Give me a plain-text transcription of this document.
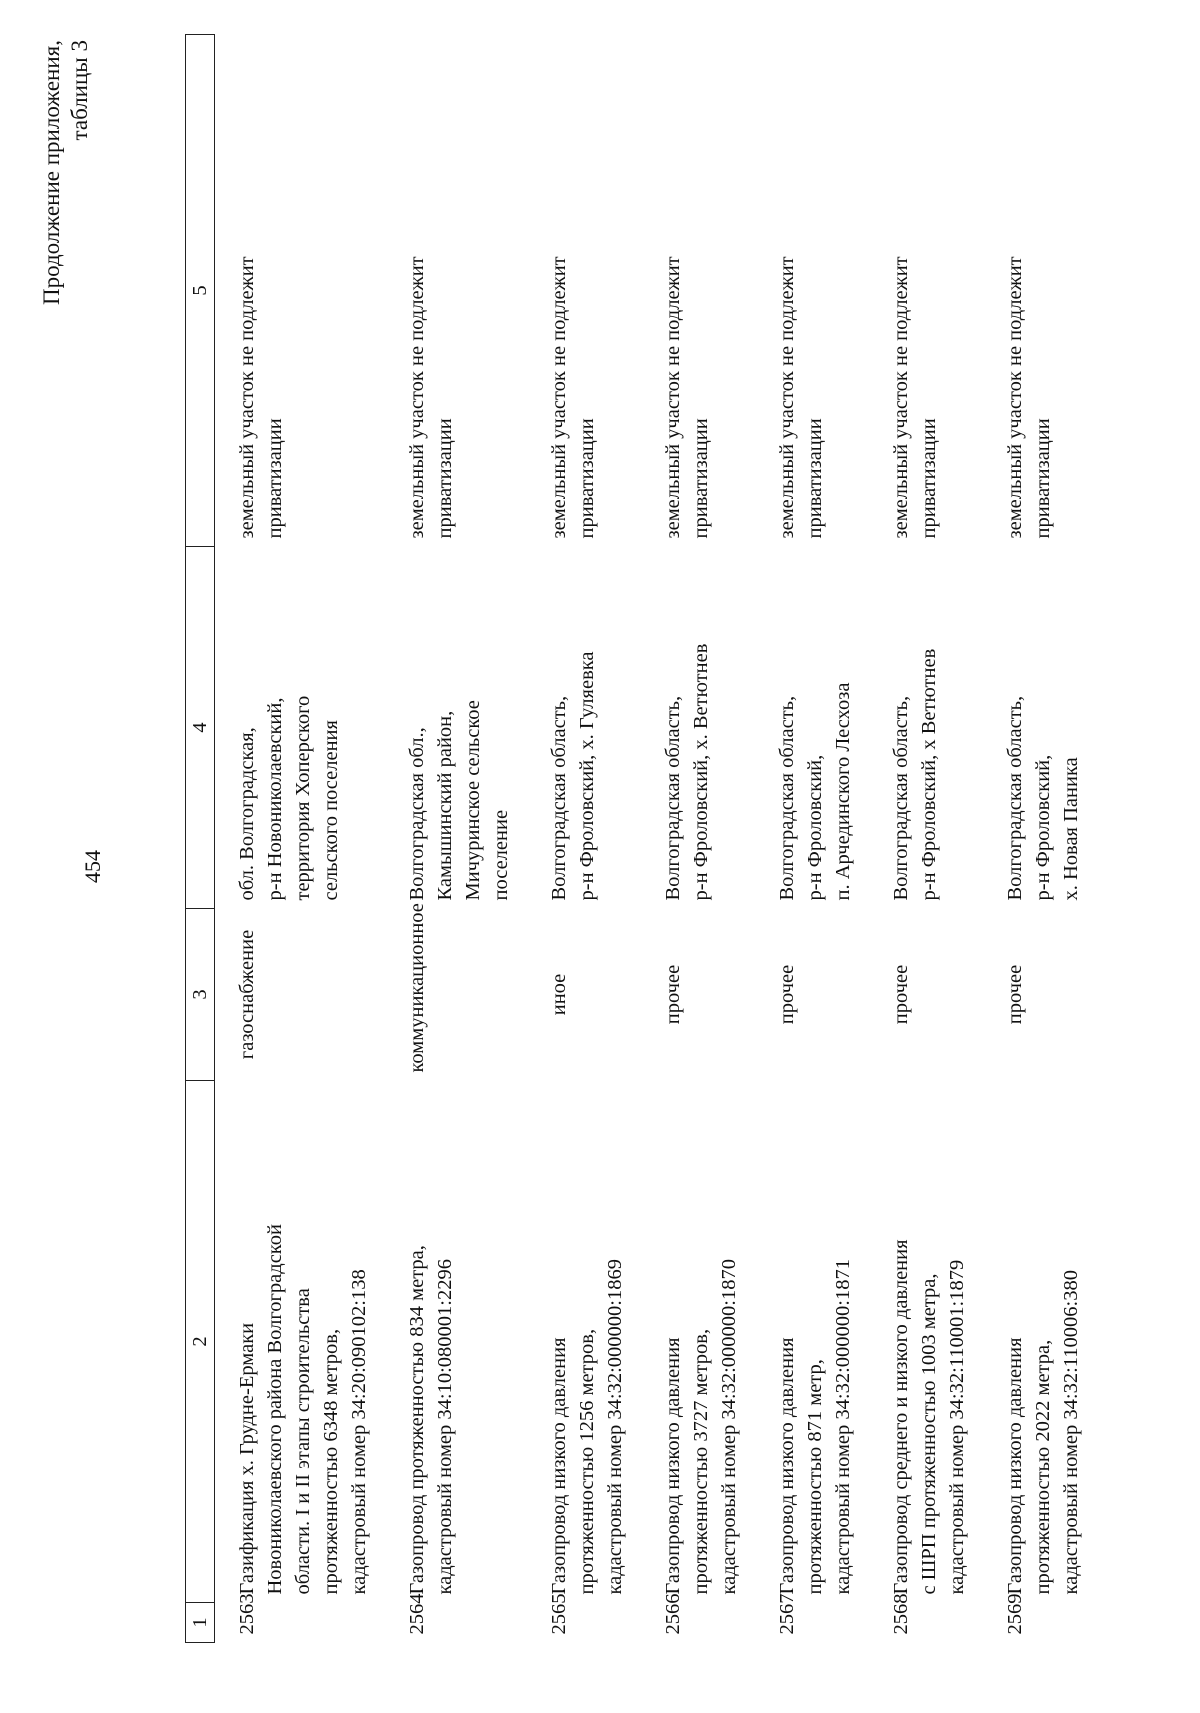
454
Продолжение приложения, таблицы 3
1	2	3	4	5
2563.	Газификация х. Грудне-Ермаки
Новониколаевского района Волгоградской
области. I и II этапы строительства
протяженностью 6348 метров,
кадастровый номер 34:20:090102:138	газоснабжение	обл. Волгоградская,
р-н Новониколаевский,
территория Хоперского
сельского поселения	земельный участок не подлежит
приватизации
2564.	Газопровод протяженностью 834 метра,
кадастровый номер 34:10:080001:2296	коммуникационное	Волгоградская обл.,
Камышинский район,
Мичуринское сельское
поселение	земельный участок не подлежит
приватизации
2565.	Газопровод низкого давления
протяженностью 1256 метров,
кадастровый номер 34:32:000000:1869	иное	Волгоградская область,
р-н Фроловский, х. Гуляевка	земельный участок не подлежит
приватизации
2566.	Газопровод низкого давления
протяженностью 3727 метров,
кадастровый номер 34:32:000000:1870	прочее	Волгоградская область,
р-н Фроловский, х. Ветютнев	земельный участок не подлежит
приватизации
2567.	Газопровод низкого давления
протяженностью 871 метр,
кадастровый номер 34:32:000000:1871	прочее	Волгоградская область,
р-н Фроловский,
п. Арчединского Лесхоза	земельный участок не подлежит
приватизации
2568.	Газопровод среднего и низкого давления
с ШРП протяженностью 1003 метра,
кадастровый номер 34:32:110001:1879	прочее	Волгоградская область,
р-н Фроловский, х Ветютнев	земельный участок не подлежит
приватизации
2569.	Газопровод низкого давления
протяженностью 2022 метра,
кадастровый номер 34:32:110006:380	прочее	Волгоградская область,
р-н Фроловский,
х. Новая Паника	земельный участок не подлежит
приватизации
